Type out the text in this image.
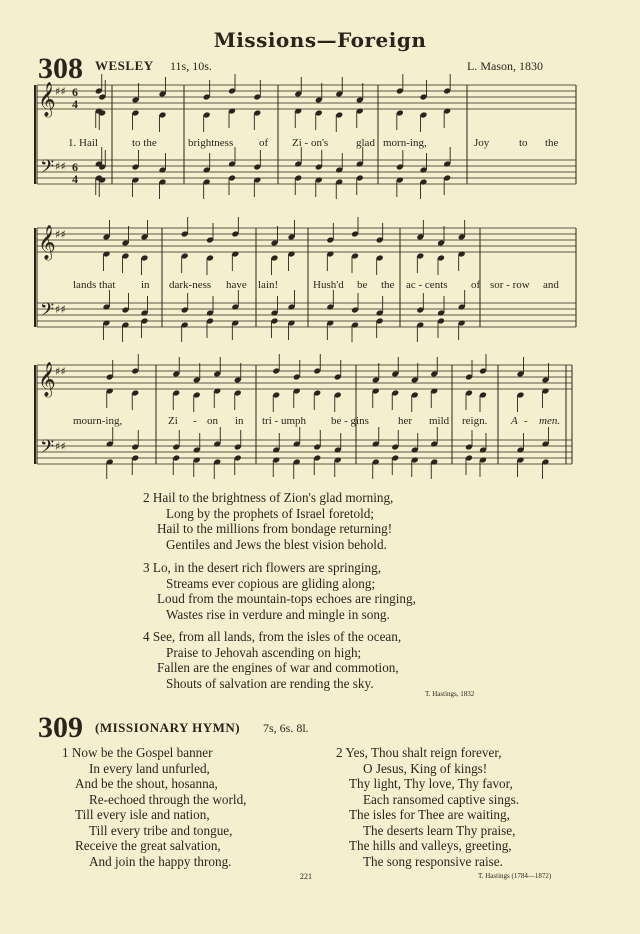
Missions—Foreign
308 WESLEY 11s, 10s.	L. Mason, 1830
𝄞
𝄢
♯♯
♯♯
6
4
6
4
𝄞
𝄢
♯♯
♯♯
𝄞
𝄢
♯♯
♯♯
1. Hail	to the	brightness of Zi - on's	glad morn-ing,	Joy	to the
lands that in dark-ness have lain!	Hush'd be the ac - cents of sor - row and
mourn-ing,	Zi - on in tri - umph be - gins	her mild reign. A - men.
2 Hail to the brightness of Zion's glad morning,
Long by the prophets of Israel foretold;
Hail to the millions from bondage returning!
Gentiles and Jews the blest vision behold.
3 Lo, in the desert rich flowers are springing,
Streams ever copious are gliding along;
Loud from the mountain-tops echoes are ringing,
Wastes rise in verdure and mingle in song.
4 See, from all lands, from the isles of the ocean,
Praise to Jehovah ascending on high;
Fallen are the engines of war and commotion,
Shouts of salvation are rending the sky.
T. Hastings, 1832
309 (MISSIONARY HYMN) 7s, 6s. 8l.
1 Now be the Gospel banner
In every land unfurled,
And be the shout, hosanna,
Re-echoed through the world,
Till every isle and nation,
Till every tribe and tongue,
Receive the great salvation,
And join the happy throng.
2 Yes, Thou shalt reign forever,
O Jesus, King of kings!
Thy light, Thy love, Thy favor,
Each ransomed captive sings.
The isles for Thee are waiting,
The deserts learn Thy praise,
The hills and valleys, greeting,
The song responsive raise.
221	T. Hastings (1784—1872)
